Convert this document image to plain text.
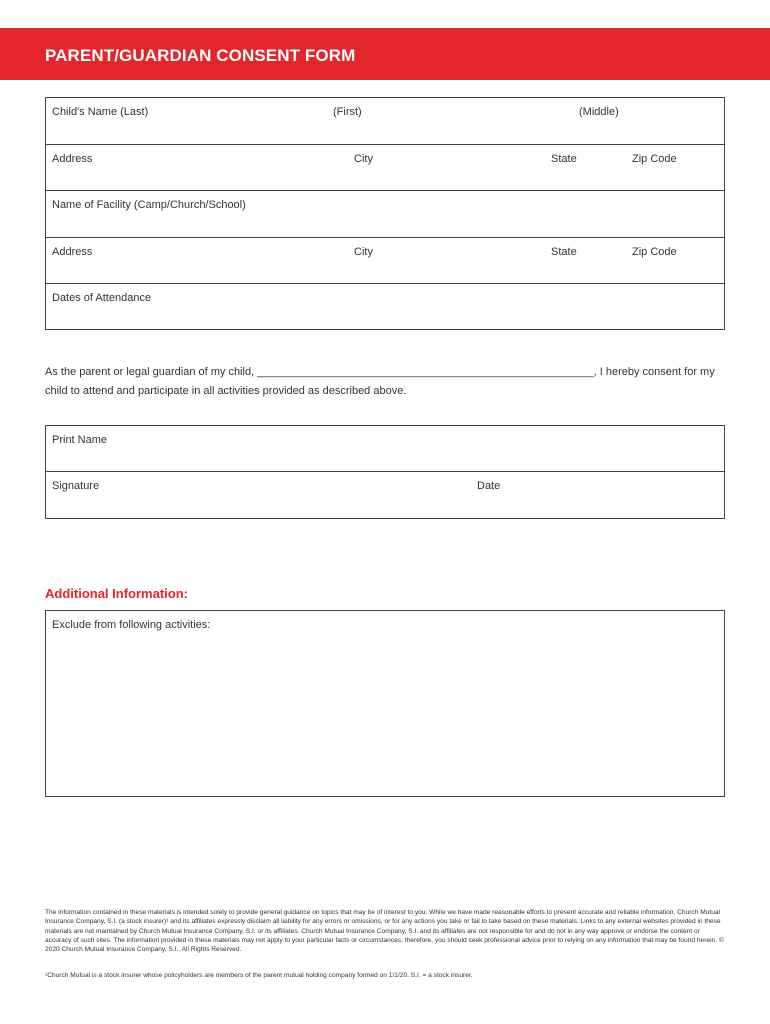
PARENT/GUARDIAN CONSENT FORM
Child's Name (Last)	(First)	(Middle)
Address	City	State	Zip Code
Name of Facility (Camp/Church/School)
Address	City	State	Zip Code
Dates of Attendance
As the parent or legal guardian of my child, _______________________________________________________, I hereby consent for my child to attend and participate in all activities provided as described above.
Print Name
Signature	Date
Additional Information:
Exclude from following activities:
The information contained in these materials is intended solely to provide general guidance on topics that may be of interest to you. While we have made reasonable efforts to present accurate and reliable information, Church Mutual Insurance Company, S.I. (a stock insurer)¹ and its affiliates expressly disclaim all liability for any errors or omissions, or for any actions you take or fail to take based on these materials. Links to any external websites provided in these materials are not maintained by Church Mutual Insurance Company, S.I. or its affiliates. Church Mutual Insurance Company, S.I. and its affiliates are not responsible for and do not in any way approve or endorse the content or accuracy of such sites. The information provided in these materials may not apply to your particular facts or circumstances; therefore, you should seek professional advice prior to relying on any information that may be found herein. © 2020 Church Mutual Insurance Company, S.I.. All Rights Reserved.
¹Church Mutual is a stock insurer whose policyholders are members of the parent mutual holding company formed on 1/1/20. S.I. = a stock insurer.
